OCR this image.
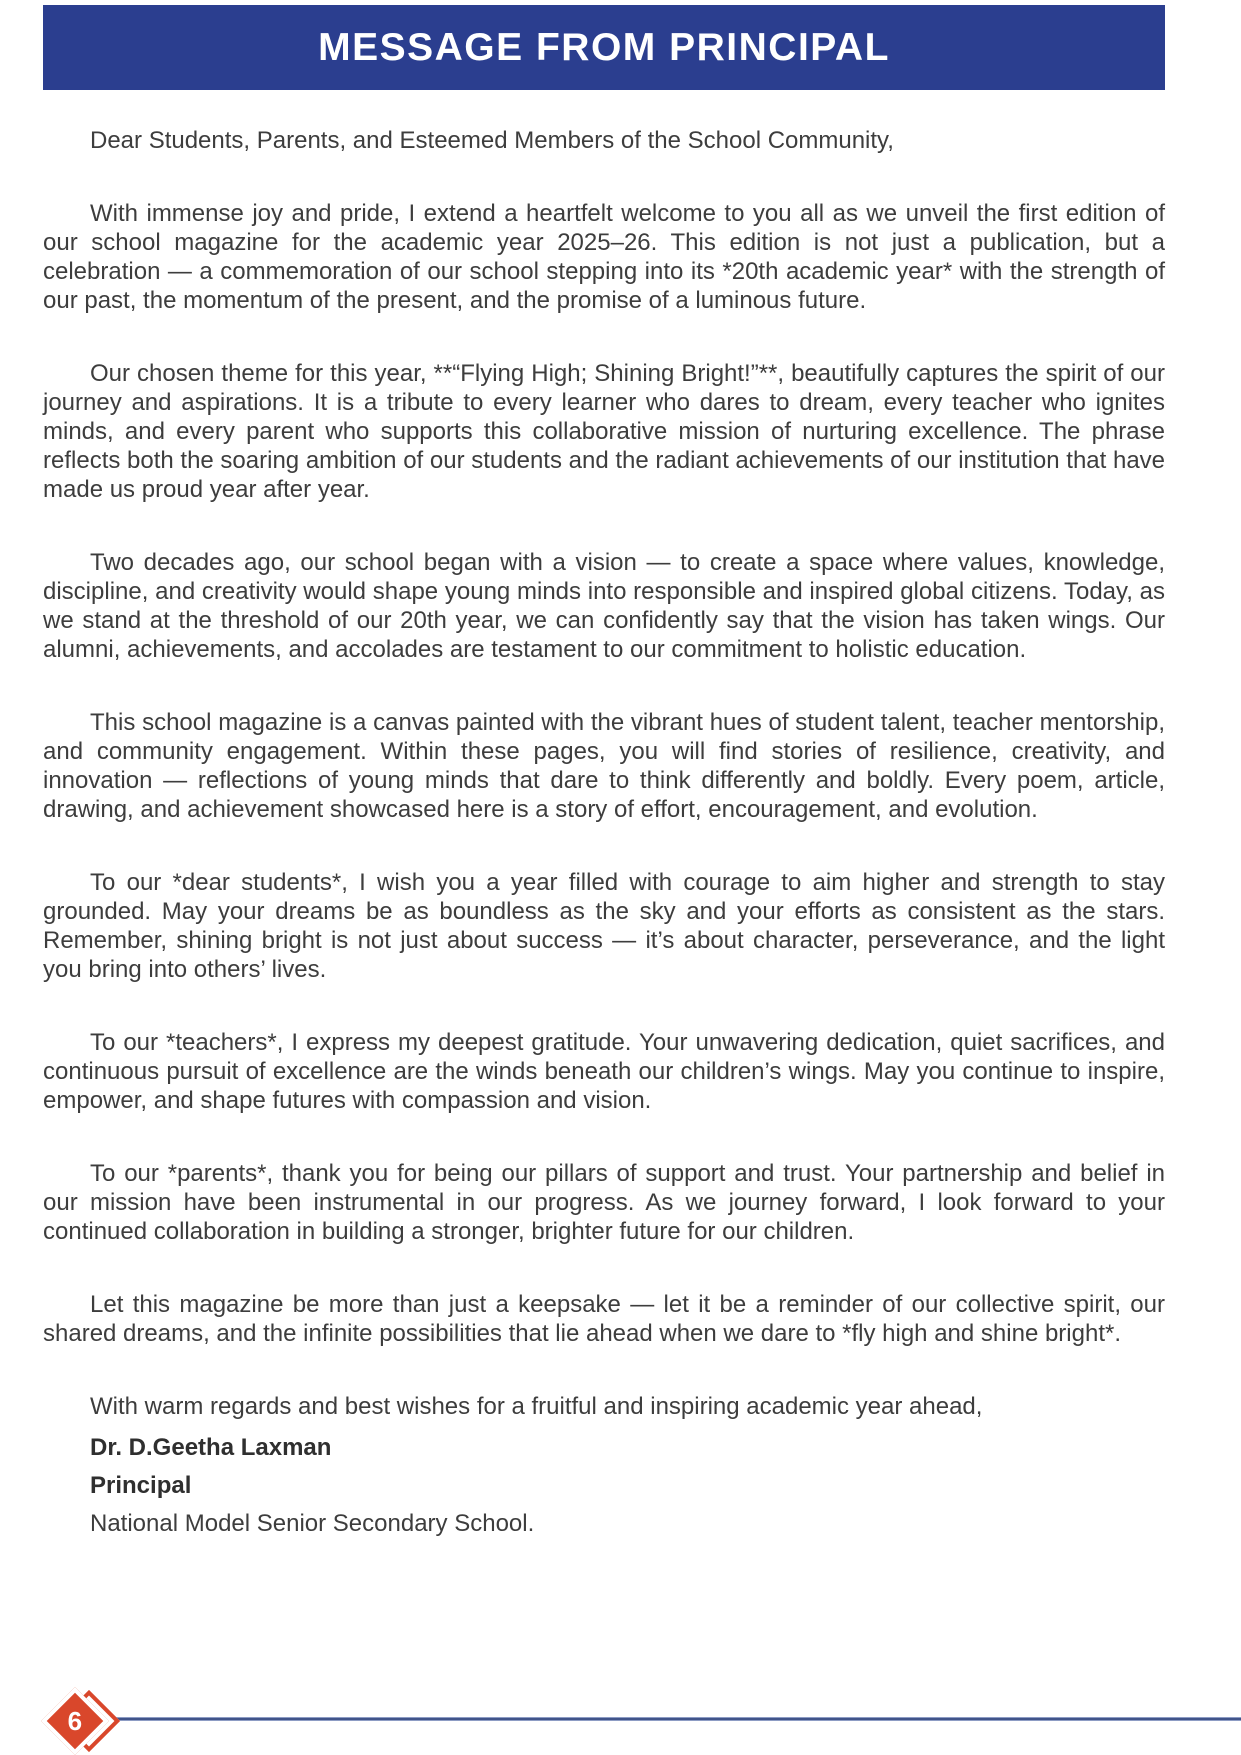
MESSAGE FROM PRINCIPAL

Dear Students, Parents, and Esteemed Members of the School Community,

With immense joy and pride, I extend a heartfelt welcome to you all as we unveil the first edition of our school magazine for the academic year 2025–26. This edition is not just a publication, but a celebration — a commemoration of our school stepping into its *20th academic year* with the strength of our past, the momentum of the present, and the promise of a luminous future.

Our chosen theme for this year, **“Flying High; Shining Bright!”**, beautifully captures the spirit of our journey and aspirations. It is a tribute to every learner who dares to dream, every teacher who ignites minds, and every parent who supports this collaborative mission of nurturing excellence. The phrase reflects both the soaring ambition of our students and the radiant achievements of our institution that have made us proud year after year.

Two decades ago, our school began with a vision — to create a space where values, knowledge, discipline, and creativity would shape young minds into responsible and inspired global citizens. Today, as we stand at the threshold of our 20th year, we can confidently say that the vision has taken wings. Our alumni, achievements, and accolades are testament to our commitment to holistic education.

This school magazine is a canvas painted with the vibrant hues of student talent, teacher mentorship, and community engagement. Within these pages, you will find stories of resilience, creativity, and innovation — reflections of young minds that dare to think differently and boldly. Every poem, article, drawing, and achievement showcased here is a story of effort, encouragement, and evolution.

To our *dear students*, I wish you a year filled with courage to aim higher and strength to stay grounded. May your dreams be as boundless as the sky and your efforts as consistent as the stars. Remember, shining bright is not just about success — it’s about character, perseverance, and the light you bring into others’ lives.

To our *teachers*, I express my deepest gratitude. Your unwavering dedication, quiet sacrifices, and continuous pursuit of excellence are the winds beneath our children’s wings. May you continue to inspire, empower, and shape futures with compassion and vision.

To our *parents*, thank you for being our pillars of support and trust. Your partnership and belief in our mission have been instrumental in our progress. As we journey forward, I look forward to your continued collaboration in building a stronger, brighter future for our children.

Let this magazine be more than just a keepsake — let it be a reminder of our collective spirit, our shared dreams, and the infinite possibilities that lie ahead when we dare to *fly high and shine bright*.

With warm regards and best wishes for a fruitful and inspiring academic year ahead,

Dr. D.Geetha Laxman

Principal

National Model Senior Secondary School.

6
